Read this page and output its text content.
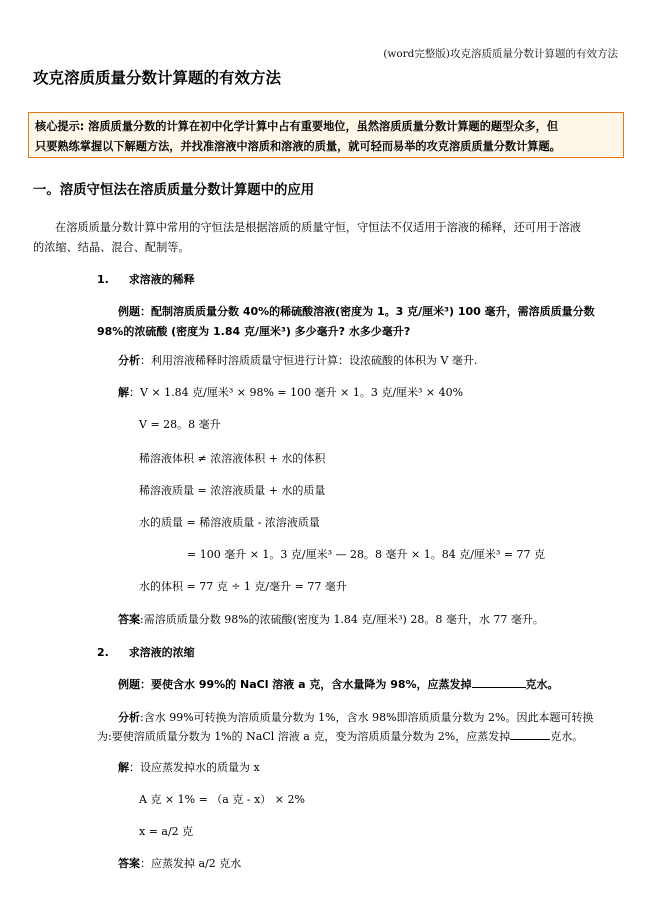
(word完整版)攻克溶质质量分数计算题的有效方法
攻克溶质质量分数计算题的有效方法
核心提示: 溶质质量分数的计算在初中化学计算中占有重要地位，虽然溶质质量分数计算题的题型众多，但
只要熟练掌握以下解题方法，并找准溶液中溶质和溶液的质量，就可轻而易举的攻克溶质质量分数计算题。
一。溶质守恒法在溶质质量分数计算题中的应用
在溶质质量分数计算中常用的守恒法是根据溶质的质量守恒，守恒法不仅适用于溶液的稀释，还可用于溶液
的浓缩、结晶、混合、配制等。
1. 求溶液的稀释
例题：配制溶质质量分数 40%的稀硫酸溶液(密度为 1。3 克/厘米³) 100 毫升，需溶质质量分数
98%的浓硫酸 (密度为 1.84 克/厘米³) 多少毫升? 水多少毫升?
分析：利用溶液稀释时溶质质量守恒进行计算：设浓硫酸的体积为 V 毫升.
解：V × 1.84 克/厘米³ × 98% = 100 毫升 × 1。3 克/厘米³ × 40%
V = 28。8 毫升
稀溶液体积 ≠ 浓溶液体积 + 水的体积
稀溶液质量 = 浓溶液质量 + 水的质量
水的质量 = 稀溶液质量 - 浓溶液质量
= 100 毫升 × 1。3 克/厘米³ — 28。8 毫升 × 1。84 克/厘米³ = 77 克
水的体积 = 77 克 ÷ 1 克/毫升 = 77 毫升
答案:需溶质质量分数 98%的浓硫酸(密度为 1.84 克/厘米³) 28。8 毫升，水 77 毫升。
2. 求溶液的浓缩
例题：要使含水 99%的 NaCl 溶液 a 克，含水量降为 98%，应蒸发掉	克水。
分析:含水 99%可转换为溶质质量分数为 1%，含水 98%即溶质质量分数为 2%。因此本题可转换
为:要使溶质质量分数为 1%的 NaCl 溶液 a 克，变为溶质质量分数为 2%，应蒸发掉	克水。
解：设应蒸发掉水的质量为 x
A 克 × 1% = （a 克 - x） × 2%
x = a/2 克
答案：应蒸发掉 a/2 克水
